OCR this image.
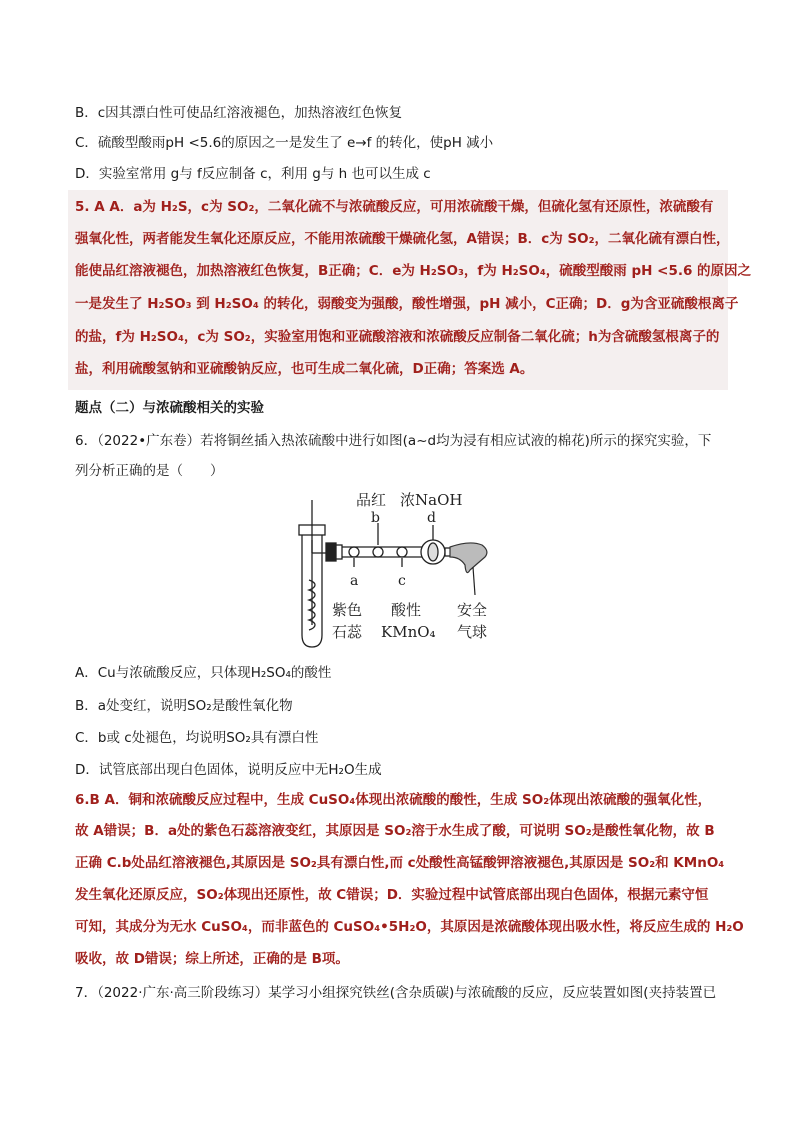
B．c因其漂白性可使品红溶液褪色，加热溶液红色恢复
C．硫酸型酸雨pH <5.6的原因之一是发生了 e→f 的转化，使pH 减小
D．实验室常用 g与 f反应制备 c，利用 g与 h 也可以生成 c
5. A A．a为 H₂S，c为 SO₂，二氧化硫不与浓硫酸反应，可用浓硫酸干燥，但硫化氢有还原性，浓硫酸有
强氧化性，两者能发生氧化还原反应，不能用浓硫酸干燥硫化氢，A错误；B．c为 SO₂，二氧化硫有漂白性，
能使品红溶液褪色，加热溶液红色恢复，B正确；C．e为 H₂SO₃，f为 H₂SO₄，硫酸型酸雨 pH <5.6 的原因之
一是发生了 H₂SO₃ 到 H₂SO₄ 的转化，弱酸变为强酸，酸性增强，pH 减小，C正确；D．g为含亚硫酸根离子
的盐，f为 H₂SO₄，c为 SO₂，实验室用饱和亚硫酸溶液和浓硫酸反应制备二氧化硫；h为含硫酸氢根离子的
盐，利用硫酸氢钠和亚硫酸钠反应，也可生成二氧化硫，D正确；答案选 A。
题点（二）与浓硫酸相关的实验
6．（2022•广东卷）若将铜丝插入热浓硫酸中进行如图(a~d均为浸有相应试液的棉花)所示的探究实验，下
列分析正确的是（　　）
品红 浓NaOH
b	d
a	c
紫色
石蕊
酸性
KMnO₄
安全
气球
A．Cu与浓硫酸反应，只体现H₂SO₄的酸性
B．a处变红，说明SO₂是酸性氧化物
C．b或 c处褪色，均说明SO₂具有漂白性
D．试管底部出现白色固体，说明反应中无H₂O生成
6.B A．铜和浓硫酸反应过程中，生成 CuSO₄体现出浓硫酸的酸性，生成 SO₂体现出浓硫酸的强氧化性，
故 A错误；B．a处的紫色石蕊溶液变红，其原因是 SO₂溶于水生成了酸，可说明 SO₂是酸性氧化物，故 B
正确 C.b处品红溶液褪色,其原因是 SO₂具有漂白性,而 c处酸性高锰酸钾溶液褪色,其原因是 SO₂和 KMnO₄
发生氧化还原反应，SO₂体现出还原性，故 C错误；D．实验过程中试管底部出现白色固体，根据元素守恒
可知，其成分为无水 CuSO₄，而非蓝色的 CuSO₄•5H₂O，其原因是浓硫酸体现出吸水性，将反应生成的 H₂O
吸收，故 D错误；综上所述，正确的是 B项。
7．（2022·广东·高三阶段练习）某学习小组探究铁丝(含杂质碳)与浓硫酸的反应，反应装置如图(夹持装置已
